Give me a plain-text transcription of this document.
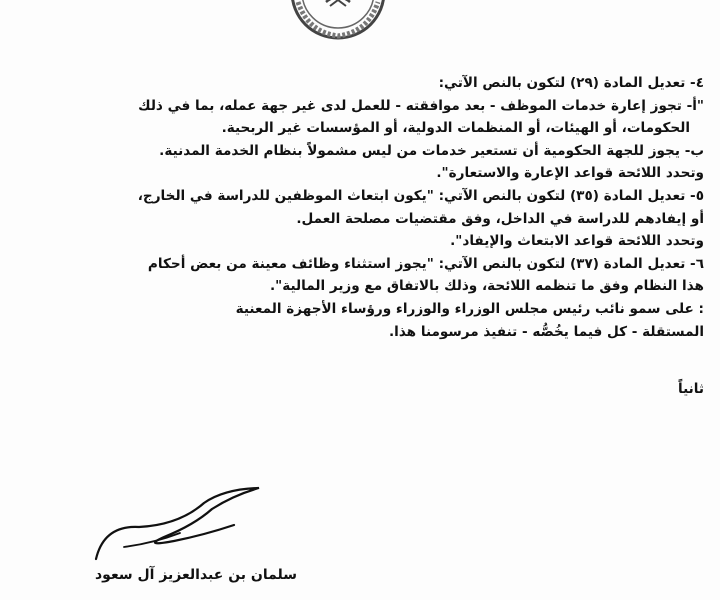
٤- تعديل المادة (٢٩) لتكون بالنص الآتي:

"أ- تجوز إعارة خدمات الموظف - بعد موافقته - للعمل لدى غير جهة عمله، بما في ذلك

الحكومات، أو الهيئات، أو المنظمات الدولية، أو المؤسسات غير الربحية.

ب- يجوز للجهة الحكومية أن تستعير خدمات من ليس مشمولاً بنظام الخدمة المدنية.

وتحدد اللائحة قواعد الإعارة والاستعارة".

٥- تعديل المادة (٣٥) لتكون بالنص الآتي: "يكون ابتعاث الموظفين للدراسة في الخارج،

أو إيفادهم للدراسة في الداخل، وفق مقتضيات مصلحة العمل.

وتحدد اللائحة قواعد الابتعاث والإيفاد".

٦- تعديل المادة (٣٧) لتكون بالنص الآتي: "يجوز استثناء وظائف معينة من بعض أحكام

هذا النظام وفق ما تنظمه اللائحة، وذلك بالاتفاق مع وزير المالية".

ثانياً

: على سمو نائب رئيس مجلس الوزراء والوزراء ورؤساء الأجهزة المعنية

المستقلة - كل فيما يخُصُّه - تنفيذ مرسومنا هذا.

سلمان بن عبدالعزيز آل سعود
